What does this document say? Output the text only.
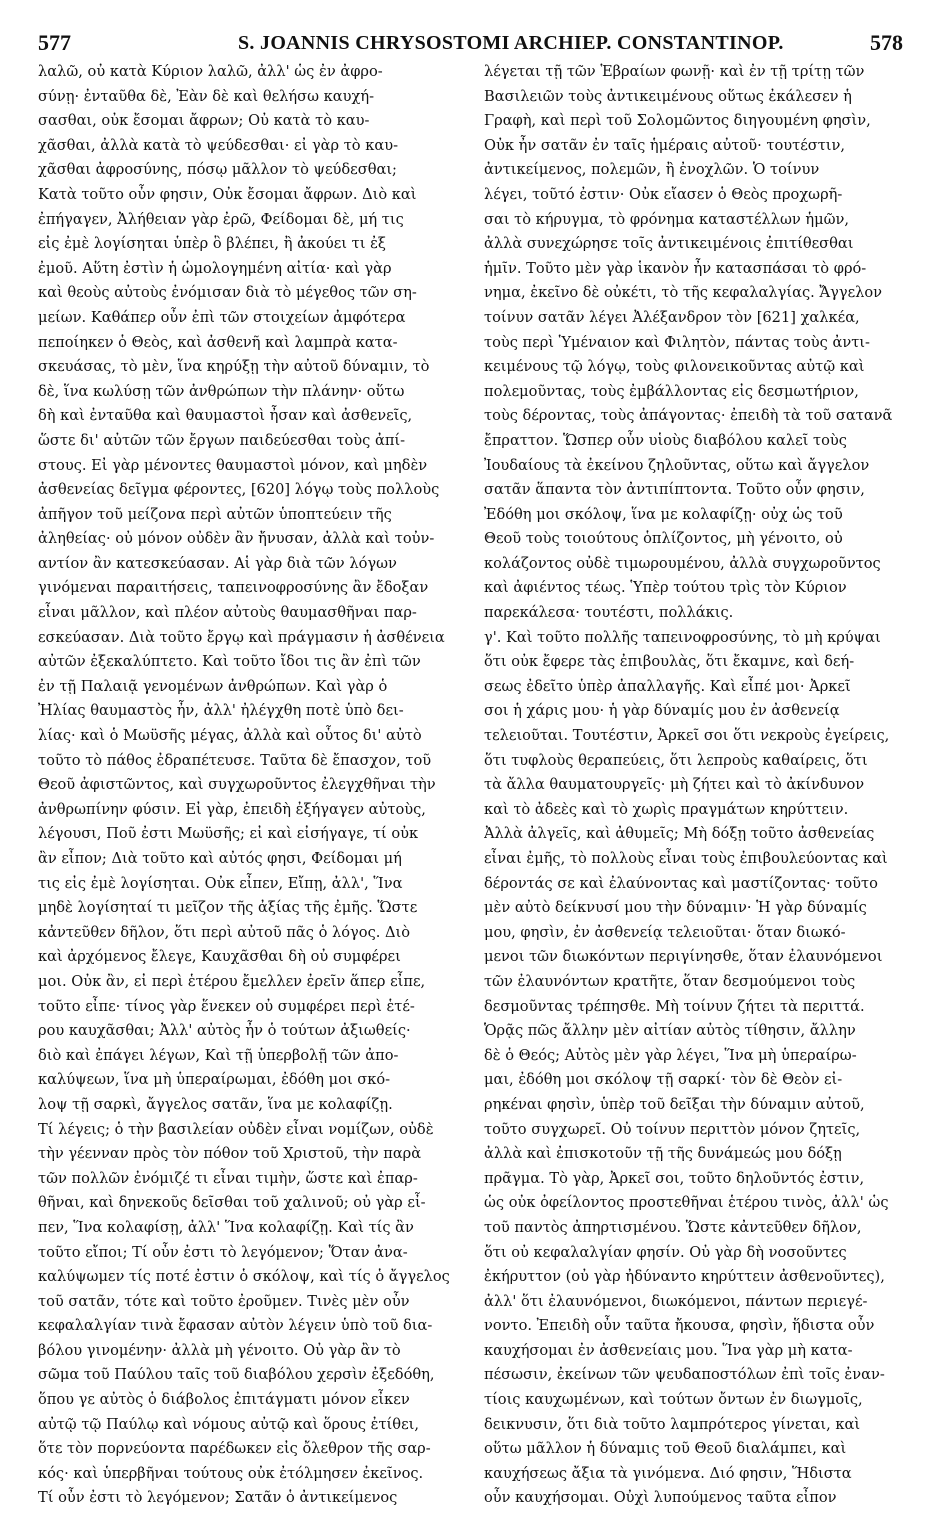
577	S. JOANNIS CHRYSOSTOMI ARCHIEP. CONSTANTINOP.	578
λαλῶ, οὐ κατὰ Κύριον λαλῶ, ἀλλ' ὡς ἐν ἀφρο-
σύνῃ· ἐνταῦθα δὲ, Ἐὰν δὲ καὶ θελήσω καυχή-
σασθαι, οὐκ ἔσομαι ἄφρων; Οὐ κατὰ τὸ καυ-
χᾶσθαι, ἀλλὰ κατὰ τὸ ψεύδεσθαι· εἰ γὰρ τὸ καυ-
χᾶσθαι ἀφροσύνης, πόσῳ μᾶλλον τὸ ψεύδεσθαι;
Κατὰ τοῦτο οὖν φησιν, Οὐκ ἔσομαι ἄφρων. Διὸ καὶ
ἐπήγαγεν, Ἀλήθειαν γὰρ ἐρῶ, Φείδομαι δὲ, μή τις
εἰς ἐμὲ λογίσηται ὑπὲρ ὃ βλέπει, ἢ ἀκούει τι ἐξ
ἐμοῦ. Αὕτη ἐστὶν ἡ ὡμολογημένη αἰτία· καὶ γὰρ
καὶ θεοὺς αὐτοὺς ἐνόμισαν διὰ τὸ μέγεθος τῶν ση-
μείων. Καθάπερ οὖν ἐπὶ τῶν στοιχείων ἀμφότερα
πεποίηκεν ὁ Θεὸς, καὶ ἀσθενῆ καὶ λαμπρὰ κατα-
σκευάσας, τὸ μὲν, ἵνα κηρύξῃ τὴν αὐτοῦ δύναμιν, τὸ
δὲ, ἵνα κωλύσῃ τῶν ἀνθρώπων τὴν πλάνην· οὕτω
δὴ καὶ ἐνταῦθα καὶ θαυμαστοὶ ἦσαν καὶ ἀσθενεῖς,
ὥστε δι' αὐτῶν τῶν ἔργων παιδεύεσθαι τοὺς ἀπί-
στους. Εἰ γὰρ μένοντες θαυμαστοὶ μόνον, καὶ μηδὲν
ἀσθενείας δεῖγμα φέροντες, [620] λόγῳ τοὺς πολλοὺς
ἀπῆγον τοῦ μείζονα περὶ αὐτῶν ὑποπτεύειν τῆς
ἀληθείας· οὐ μόνον οὐδὲν ἂν ἤνυσαν, ἀλλὰ καὶ τοὐν-
αντίον ἂν κατεσκεύασαν. Αἱ γὰρ διὰ τῶν λόγων
γινόμεναι παραιτήσεις, ταπεινοφροσύνης ἂν ἔδοξαν
εἶναι μᾶλλον, καὶ πλέον αὐτοὺς θαυμασθῆναι παρ-
εσκεύασαν. Διὰ τοῦτο ἔργῳ καὶ πράγμασιν ἡ ἀσθένεια
αὐτῶν ἐξεκαλύπτετο. Καὶ τοῦτο ἴδοι τις ἂν ἐπὶ τῶν
ἐν τῇ Παλαιᾷ γενομένων ἀνθρώπων. Καὶ γὰρ ὁ
Ἠλίας θαυμαστὸς ἦν, ἀλλ' ἠλέγχθη ποτὲ ὑπὸ δει-
λίας· καὶ ὁ Μωϋσῆς μέγας, ἀλλὰ καὶ οὗτος δι' αὐτὸ
τοῦτο τὸ πάθος ἐδραπέτευσε. Ταῦτα δὲ ἔπασχον, τοῦ
Θεοῦ ἀφιστῶντος, καὶ συγχωροῦντος ἐλεγχθῆναι τὴν
ἀνθρωπίνην φύσιν. Εἰ γὰρ, ἐπειδὴ ἐξήγαγεν αὐτοὺς,
λέγουσι, Ποῦ ἐστι Μωϋσῆς; εἰ καὶ εἰσήγαγε, τί οὐκ
ἂν εἶπον; Διὰ τοῦτο καὶ αὐτός φησι, Φείδομαι μή
τις εἰς ἐμὲ λογίσηται. Οὐκ εἶπεν, Εἴπῃ, ἀλλ', Ἵνα
μηδὲ λογίσηταί τι μεῖζον τῆς ἀξίας τῆς ἐμῆς. Ὥστε
κἀντεῦθεν δῆλον, ὅτι περὶ αὐτοῦ πᾶς ὁ λόγος. Διὸ
καὶ ἀρχόμενος ἔλεγε, Καυχᾶσθαι δὴ οὐ συμφέρει
μοι. Οὐκ ἂν, εἰ περὶ ἑτέρου ἔμελλεν ἐρεῖν ἅπερ εἶπε,
τοῦτο εἶπε· τίνος γὰρ ἕνεκεν οὐ συμφέρει περὶ ἑτέ-
ρου καυχᾶσθαι; Ἀλλ' αὐτὸς ἦν ὁ τούτων ἀξιωθείς·
διὸ καὶ ἐπάγει λέγων, Καὶ τῇ ὑπερβολῇ τῶν ἀπο-
καλύψεων, ἵνα μὴ ὑπεραίρωμαι, ἐδόθη μοι σκό-
λοψ τῇ σαρκὶ, ἄγγελος σατᾶν, ἵνα με κολαφίζῃ.
Τί λέγεις; ὁ τὴν βασιλείαν οὐδὲν εἶναι νομίζων, οὐδὲ
τὴν γέενναν πρὸς τὸν πόθον τοῦ Χριστοῦ, τὴν παρὰ
τῶν πολλῶν ἐνόμιζέ τι εἶναι τιμὴν, ὥστε καὶ ἐπαρ-
θῆναι, καὶ δηνεκοῦς δεῖσθαι τοῦ χαλινοῦ; οὐ γὰρ εἶ-
πεν, Ἵνα κολαφίσῃ, ἀλλ' Ἵνα κολαφίζῃ. Καὶ τίς ἂν
τοῦτο εἴποι; Τί οὖν ἐστι τὸ λεγόμενον; Ὅταν ἀνα-
καλύψωμεν τίς ποτέ ἐστιν ὁ σκόλοψ, καὶ τίς ὁ ἄγγελος
τοῦ σατᾶν, τότε καὶ τοῦτο ἐροῦμεν. Τινὲς μὲν οὖν
κεφαλαλγίαν τινὰ ἔφασαν αὐτὸν λέγειν ὑπὸ τοῦ δια-
βόλου γινομένην· ἀλλὰ μὴ γένοιτο. Οὐ γὰρ ἂν τὸ
σῶμα τοῦ Παύλου ταῖς τοῦ διαβόλου χερσὶν ἐξεδόθη,
ὅπου γε αὐτὸς ὁ διάβολος ἐπιτάγματι μόνον εἶκεν
αὐτῷ τῷ Παύλῳ καὶ νόμους αὐτῷ καὶ ὅρους ἐτίθει,
ὅτε τὸν πορνεύοντα παρέδωκεν εἰς ὄλεθρον τῆς σαρ-
κός· καὶ ὑπερβῆναι τούτους οὐκ ἐτόλμησεν ἐκεῖνος.
Τί οὖν ἐστι τὸ λεγόμενον; Σατᾶν ὁ ἀντικείμενος
λέγεται τῇ τῶν Ἑβραίων φωνῇ· καὶ ἐν τῇ τρίτῃ τῶν
Βασιλειῶν τοὺς ἀντικειμένους οὕτως ἐκάλεσεν ἡ
Γραφὴ, καὶ περὶ τοῦ Σολομῶντος διηγουμένη φησὶν,
Οὐκ ἦν σατᾶν ἐν ταῖς ἡμέραις αὐτοῦ· τουτέστιν,
ἀντικείμενος, πολεμῶν, ἢ ἐνοχλῶν. Ὁ τοίνυν
λέγει, τοῦτό ἐστιν· Οὐκ εἴασεν ὁ Θεὸς προχωρῆ-
σαι τὸ κήρυγμα, τὸ φρόνημα καταστέλλων ἡμῶν,
ἀλλὰ συνεχώρησε τοῖς ἀντικειμένοις ἐπιτίθεσθαι
ἡμῖν. Τοῦτο μὲν γὰρ ἱκανὸν ἦν κατασπάσαι τὸ φρό-
νημα, ἐκεῖνο δὲ οὐκέτι, τὸ τῆς κεφαλαλγίας. Ἄγγελον
τοίνυν σατᾶν λέγει Ἀλέξανδρον τὸν [621] χαλκέα,
τοὺς περὶ Ὑμέναιον καὶ Φιλητὸν, πάντας τοὺς ἀντι-
κειμένους τῷ λόγῳ, τοὺς φιλονεικοῦντας αὐτῷ καὶ
πολεμοῦντας, τοὺς ἐμβάλλοντας εἰς δεσμωτήριον,
τοὺς δέροντας, τοὺς ἀπάγοντας· ἐπειδὴ τὰ τοῦ σατανᾶ
ἔπραττον. Ὥσπερ οὖν υἱοὺς διαβόλου καλεῖ τοὺς
Ἰουδαίους τὰ ἐκείνου ζηλοῦντας, οὕτω καὶ ἄγγελον
σατᾶν ἅπαντα τὸν ἀντιπίπτοντα. Τοῦτο οὖν φησιν,
Ἐδόθη μοι σκόλοψ, ἵνα με κολαφίζῃ· οὐχ ὡς τοῦ
Θεοῦ τοὺς τοιούτους ὁπλίζοντος, μὴ γένοιτο, οὐ
κολάζοντος οὐδὲ τιμωρουμένου, ἀλλὰ συγχωροῦντος
καὶ ἀφιέντος τέως. Ὑπὲρ τούτου τρὶς τὸν Κύριον
παρεκάλεσα· τουτέστι, πολλάκις.
γ'. Καὶ τοῦτο πολλῆς ταπεινοφροσύνης, τὸ μὴ κρύψαι
ὅτι οὐκ ἔφερε τὰς ἐπιβουλὰς, ὅτι ἔκαμνε, καὶ δεή-
σεως ἐδεῖτο ὑπὲρ ἀπαλλαγῆς. Καὶ εἶπέ μοι· Ἀρκεῖ
σοι ἡ χάρις μου· ἡ γὰρ δύναμίς μου ἐν ἀσθενείᾳ
τελειοῦται. Τουτέστιν, Ἀρκεῖ σοι ὅτι νεκροὺς ἐγείρεις,
ὅτι τυφλοὺς θεραπεύεις, ὅτι λεπροὺς καθαίρεις, ὅτι
τὰ ἄλλα θαυματουργεῖς· μὴ ζήτει καὶ τὸ ἀκίνδυνον
καὶ τὸ ἀδεὲς καὶ τὸ χωρὶς πραγμάτων κηρύττειν.
Ἀλλὰ ἀλγεῖς, καὶ ἀθυμεῖς; Μὴ δόξῃ τοῦτο ἀσθενείας
εἶναι ἐμῆς, τὸ πολλοὺς εἶναι τοὺς ἐπιβουλεύοντας καὶ
δέροντάς σε καὶ ἐλαύνοντας καὶ μαστίζοντας· τοῦτο
μὲν αὐτὸ δείκνυσί μου τὴν δύναμιν· Ἡ γὰρ δύναμίς
μου, φησὶν, ἐν ἀσθενείᾳ τελειοῦται· ὅταν διωκό-
μενοι τῶν διωκόντων περιγίνησθε, ὅταν ἐλαυνόμενοι
τῶν ἐλαυνόντων κρατῆτε, ὅταν δεσμούμενοι τοὺς
δεσμοῦντας τρέπησθε. Μὴ τοίνυν ζήτει τὰ περιττά.
Ὁρᾷς πῶς ἄλλην μὲν αἰτίαν αὐτὸς τίθησιν, ἄλλην
δὲ ὁ Θεός; Αὐτὸς μὲν γὰρ λέγει, Ἵνα μὴ ὑπεραίρω-
μαι, ἐδόθη μοι σκόλοψ τῇ σαρκί· τὸν δὲ Θεὸν εἰ-
ρηκέναι φησὶν, ὑπὲρ τοῦ δεῖξαι τὴν δύναμιν αὐτοῦ,
τοῦτο συγχωρεῖ. Οὐ τοίνυν περιττὸν μόνον ζητεῖς,
ἀλλὰ καὶ ἐπισκοτοῦν τῇ τῆς δυνάμεώς μου δόξῃ
πρᾶγμα. Τὸ γὰρ, Ἀρκεῖ σοι, τοῦτο δηλοῦντός ἐστιν,
ὡς οὐκ ὀφείλοντος προστεθῆναι ἑτέρου τινὸς, ἀλλ' ὡς
τοῦ παντὸς ἀπηρτισμένου. Ὥστε κἀντεῦθεν δῆλον,
ὅτι οὐ κεφαλαλγίαν φησίν. Οὐ γὰρ δὴ νοσοῦντες
ἐκήρυττον (οὐ γὰρ ἠδύναντο κηρύττειν ἀσθενοῦντες),
ἀλλ' ὅτι ἐλαυνόμενοι, διωκόμενοι, πάντων περιεγέ-
νοντο. Ἐπειδὴ οὖν ταῦτα ἤκουσα, φησὶν, ἥδιστα οὖν
καυχήσομαι ἐν ἀσθενείαις μου. Ἵνα γὰρ μὴ κατα-
πέσωσιν, ἐκείνων τῶν ψευδαποστόλων ἐπὶ τοῖς ἐναν-
τίοις καυχωμένων, καὶ τούτων ὄντων ἐν διωγμοῖς,
δεικνυσιν, ὅτι διὰ τοῦτο λαμπρότερος γίνεται, καὶ
οὕτω μᾶλλον ἡ δύναμις τοῦ Θεοῦ διαλάμπει, καὶ
καυχήσεως ἄξια τὰ γινόμενα. Διό φησιν, Ἥδιστα
οὖν καυχήσομαι. Οὐχὶ λυπούμενος ταῦτα εἶπον
